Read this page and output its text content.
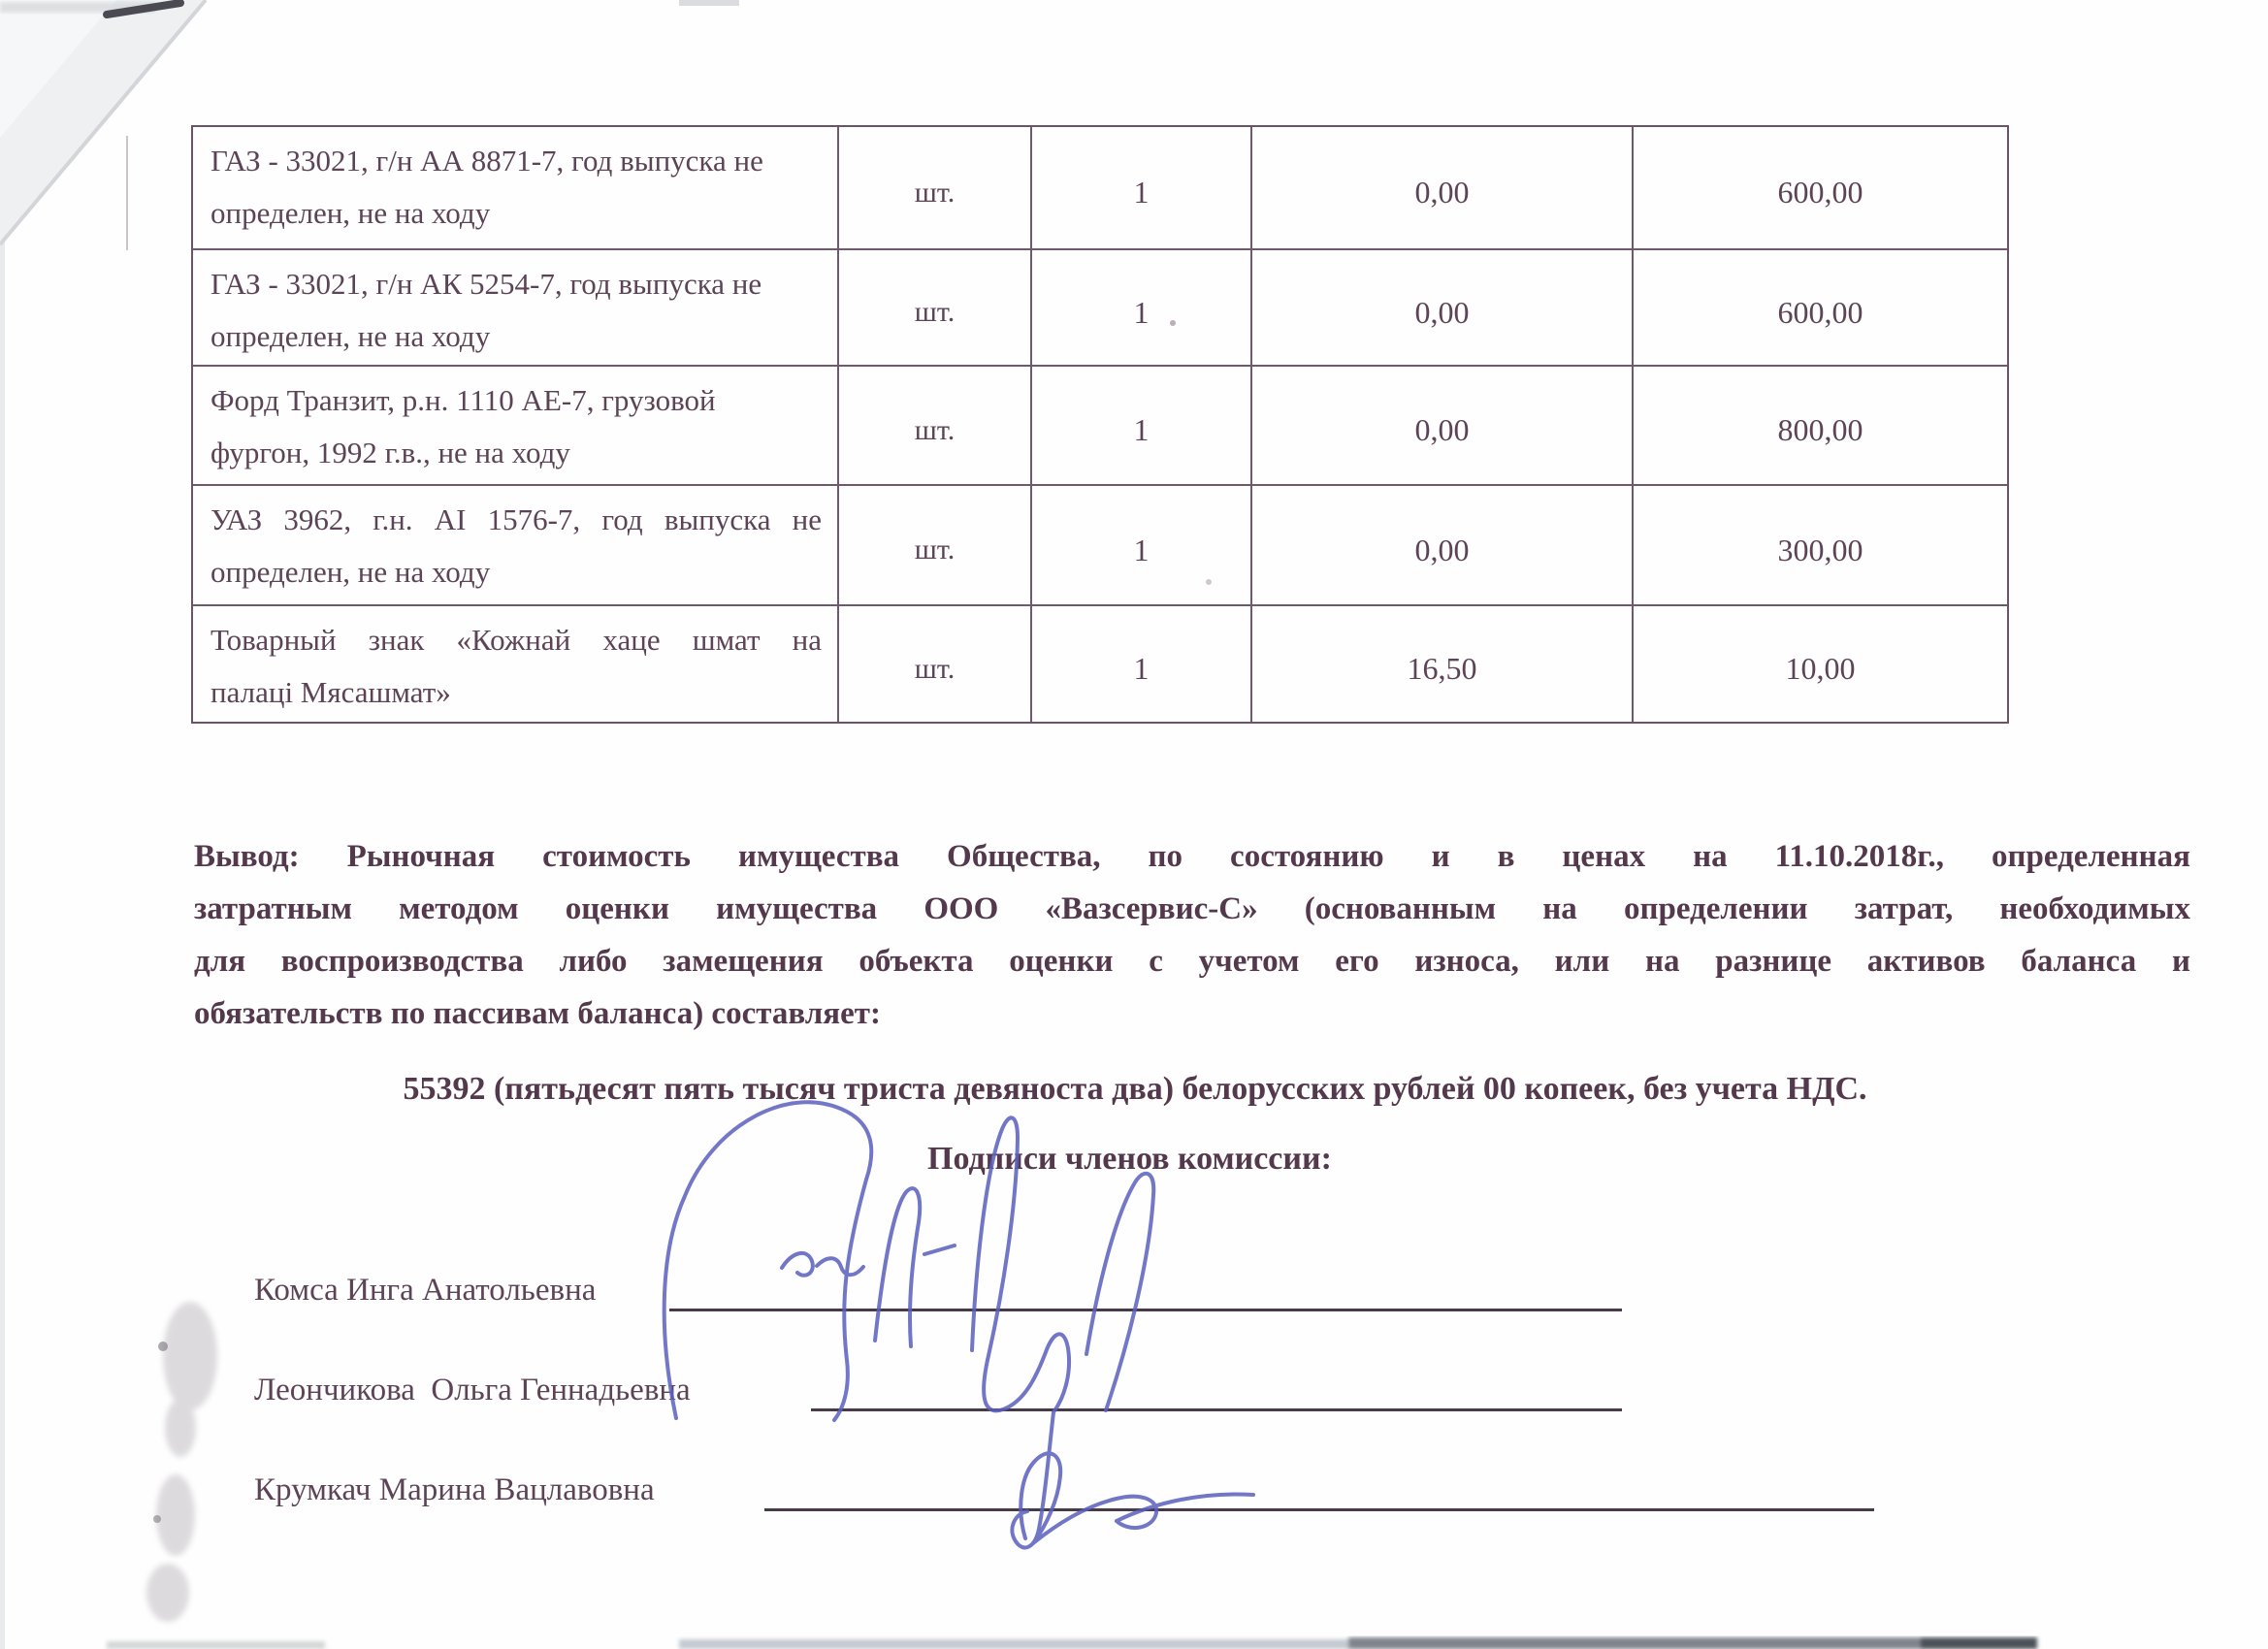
ГАЗ - 33021, г/н АА 8871-7, год выпуска не
определен, не на ходу
шт.	1	0,00	600,00
ГАЗ - 33021, г/н АК 5254-7, год выпуска не
определен, не на ходу
шт.	1	0,00	600,00
Форд Транзит, р.н. 1110 АЕ-7, грузовой
фургон, 1992 г.в., не на ходу
шт.	1	0,00	800,00
УАЗ 3962, г.н. АІ 1576-7, год выпуска не
определен, не на ходу
шт.	1	0,00	300,00
Товарный знак «Кожнай хаце шмат на
палаці Мясашмат»
шт.	1	16,50	10,00
Вывод: Рыночная стоимость имущества Общества, по состоянию и в ценах на 11.10.2018г., определенная
затратным методом оценки имущества ООО «Вазсервис-С» (основанным на определении затрат, необходимых
для воспроизводства либо замещения объекта оценки с учетом его износа, или на разнице активов баланса и
обязательств по пассивам баланса) составляет:
55392 (пятьдесят пять тысяч триста девяноста два) белорусских рублей 00 копеек, без учета НДС.
Подписи членов комиссии:
Комса Инга Анатольевна
Леончикова  Ольга Геннадьевна
Крумкач Марина Вацлавовна
